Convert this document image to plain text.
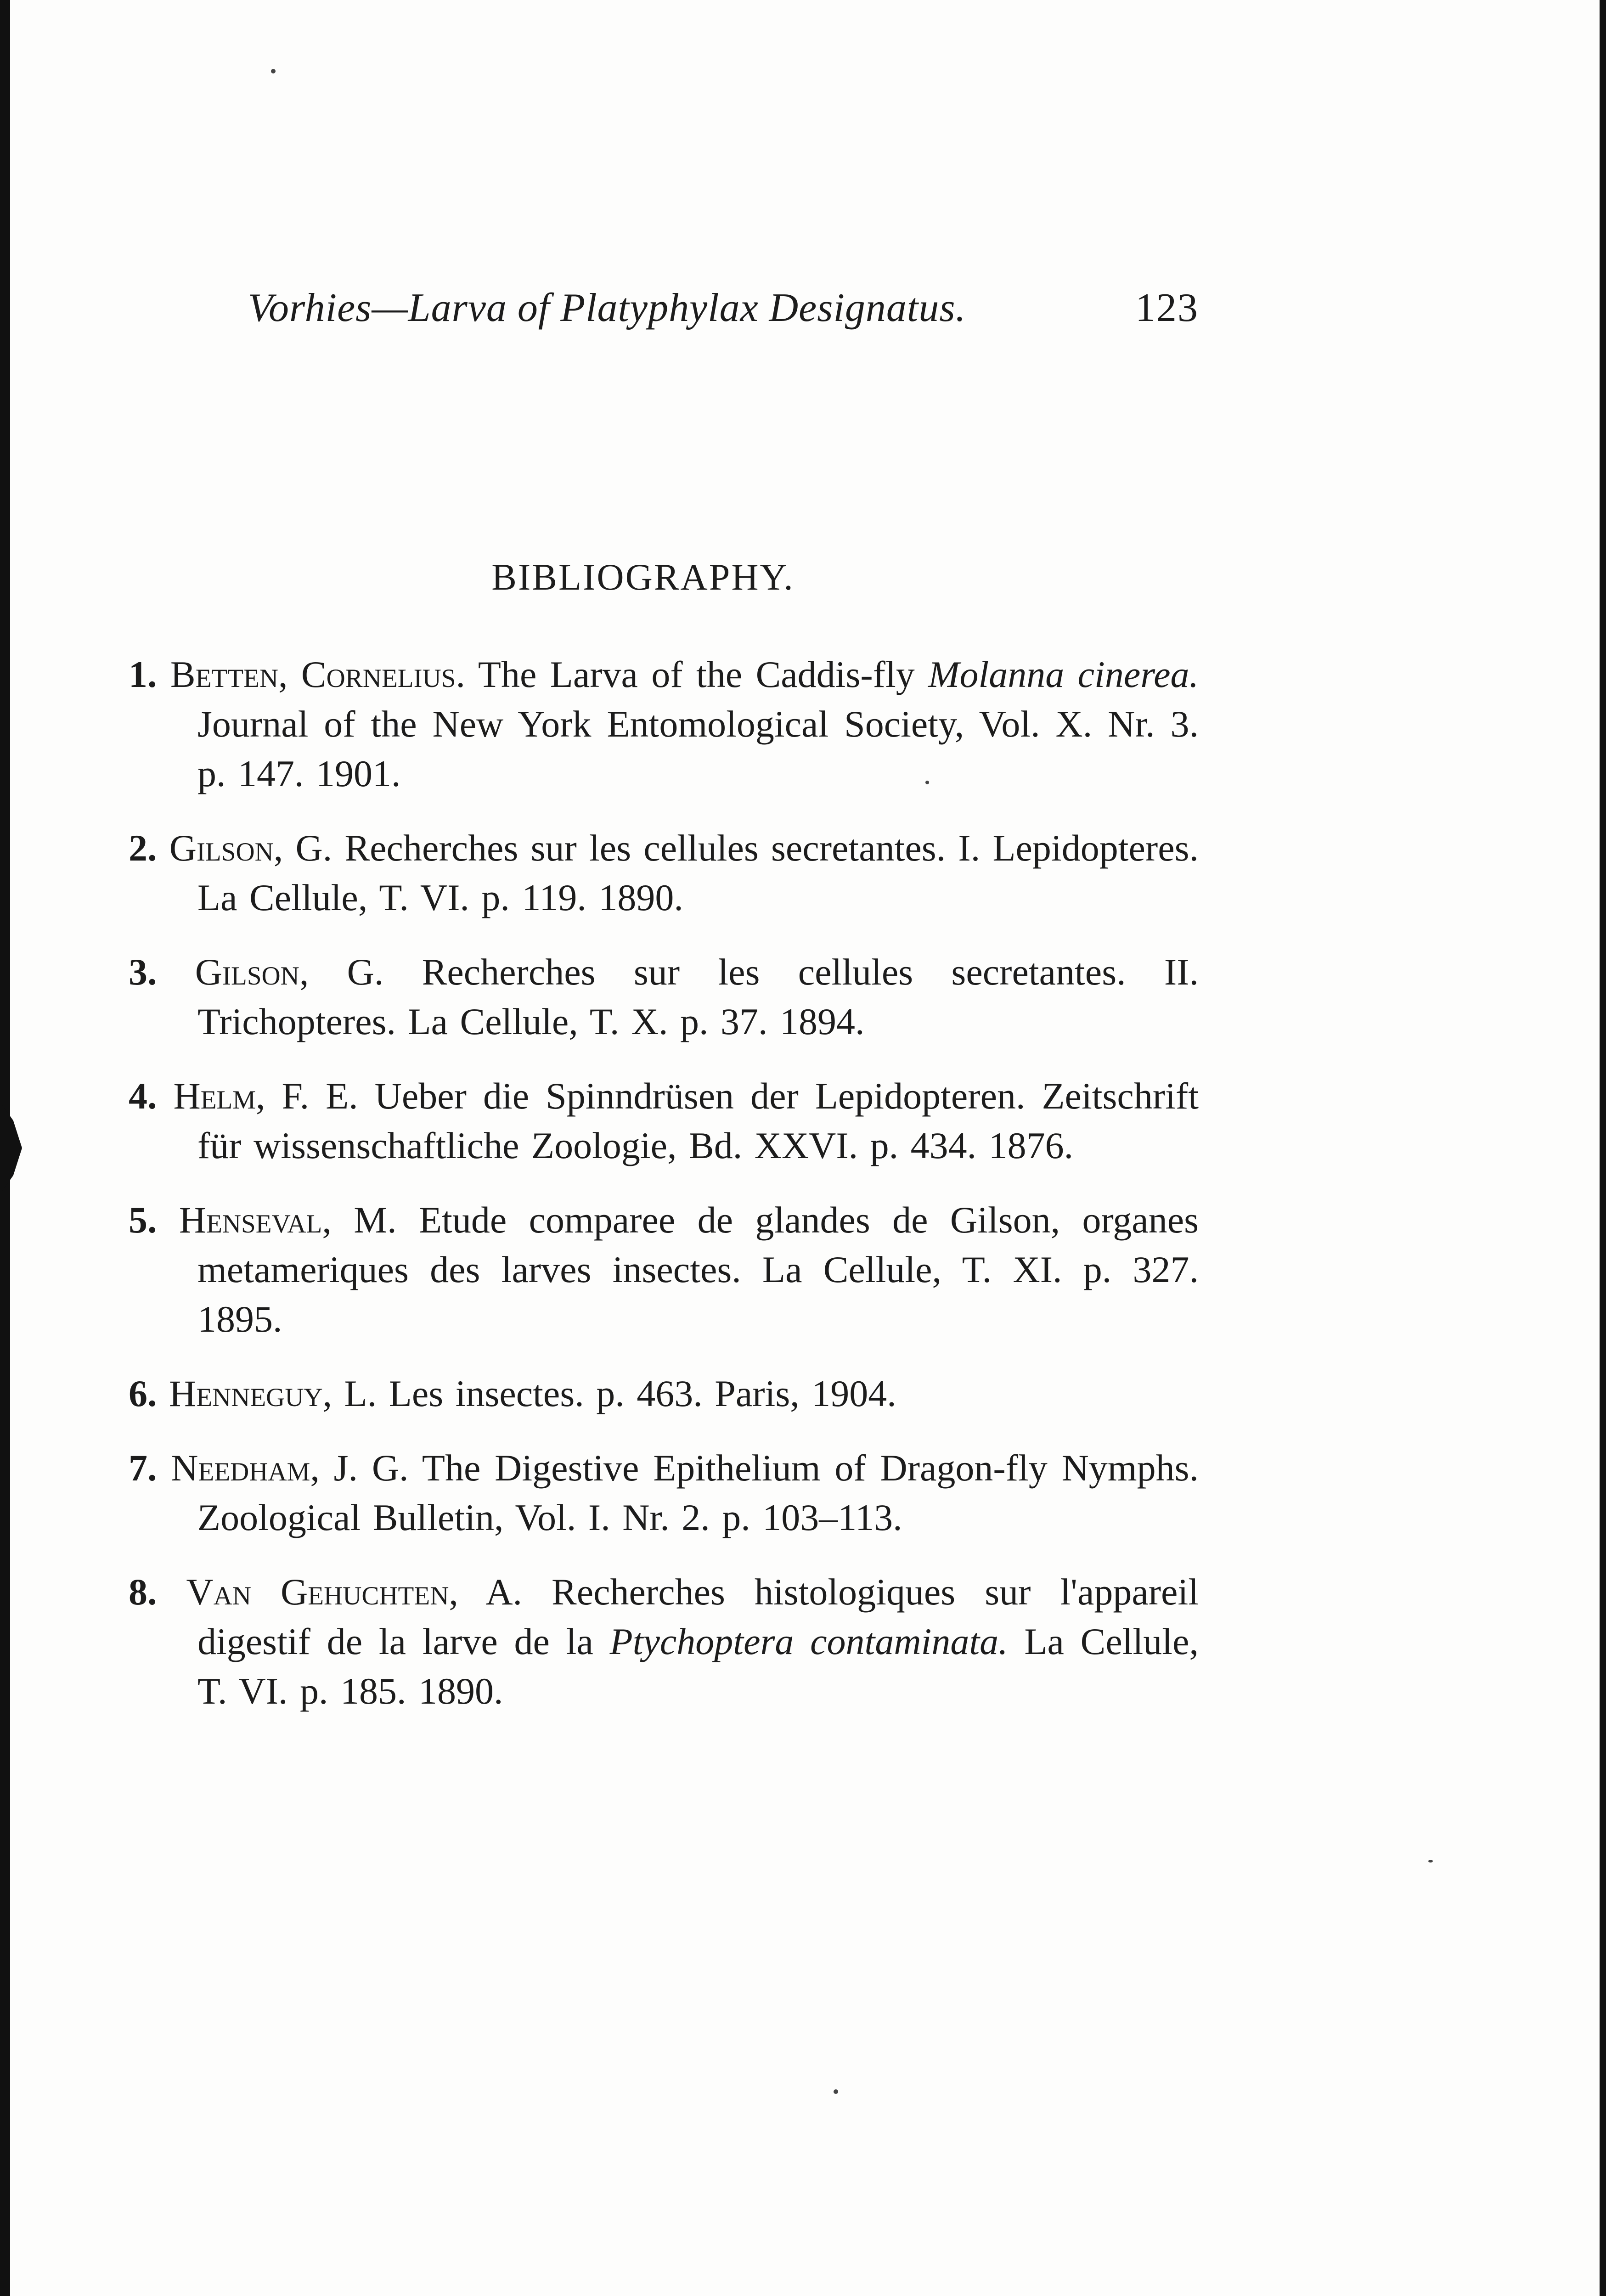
Vorhies—Larva of Platyphylax Designatus.	123
BIBLIOGRAPHY.
1. Betten, Cornelius. The Larva of the Caddis-fly Molanna cinerea. Journal of the New York Entomological Society, Vol. X. Nr. 3. p. 147. 1901.
2. Gilson, G. Recherches sur les cellules secretantes. I. Lepidopteres. La Cellule, T. VI. p. 119. 1890.
3. Gilson, G. Recherches sur les cellules secretantes. II. Trichopteres. La Cellule, T. X. p. 37. 1894.
4. Helm, F. E. Ueber die Spinndrüsen der Lepidopteren. Zeitschrift für wissenschaftliche Zoologie, Bd. XXVI. p. 434. 1876.
5. Henseval, M. Etude comparee de glandes de Gilson, organes metameriques des larves insectes. La Cellule, T. XI. p. 327. 1895.
6. Henneguy, L. Les insectes. p. 463. Paris, 1904.
7. Needham, J. G. The Digestive Epithelium of Dragon-fly Nymphs. Zoological Bulletin, Vol. I. Nr. 2. p. 103–113.
8. Van Gehuchten, A. Recherches histologiques sur l'appareil digestif de la larve de la Ptychoptera contaminata. La Cellule, T. VI. p. 185. 1890.
